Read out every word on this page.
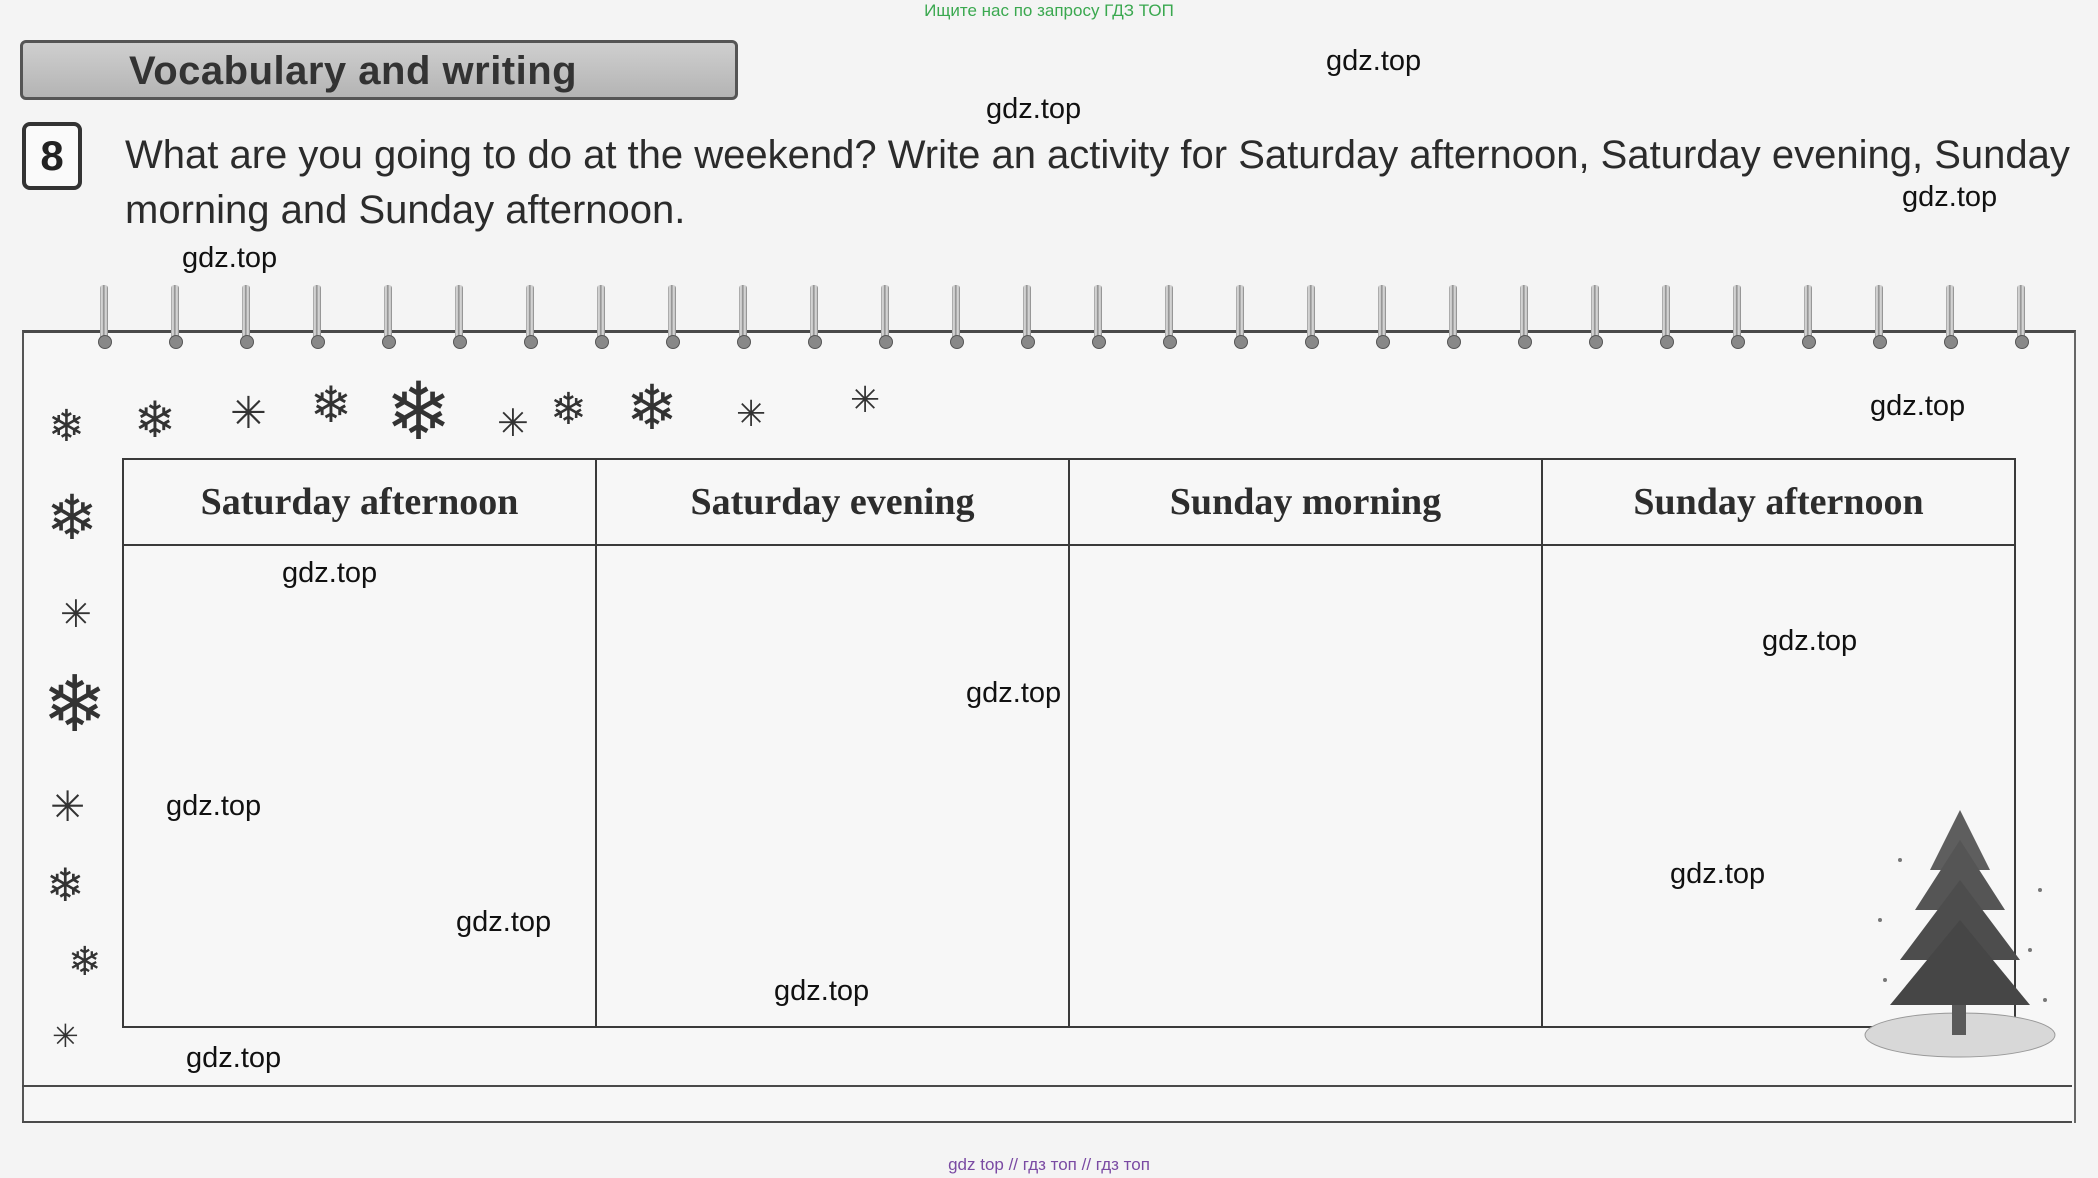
Ищите нас по запросу ГДЗ ТОП
Vocabulary and writing
8	What are you going to do at the weekend? Write an activity for Saturday afternoon, Saturday evening, Sunday morning and Sunday afternoon.
❄ ❄ ✳ ❄ ❄ ✳ ❄ ❄ ✳ ✳
❄
✳
❄
✳
❄
❄
✳
Saturday afternoon	Saturday evening	Sunday morning	Sunday afternoon

gdz.top
gdz.top
gdz.top
gdz.top
gdz.top
gdz.top
gdz.top
gdz.top
gdz.top
gdz.top
gdz.top
gdz.top
gdz.top
gdz top // гдз топ // гдз топ
